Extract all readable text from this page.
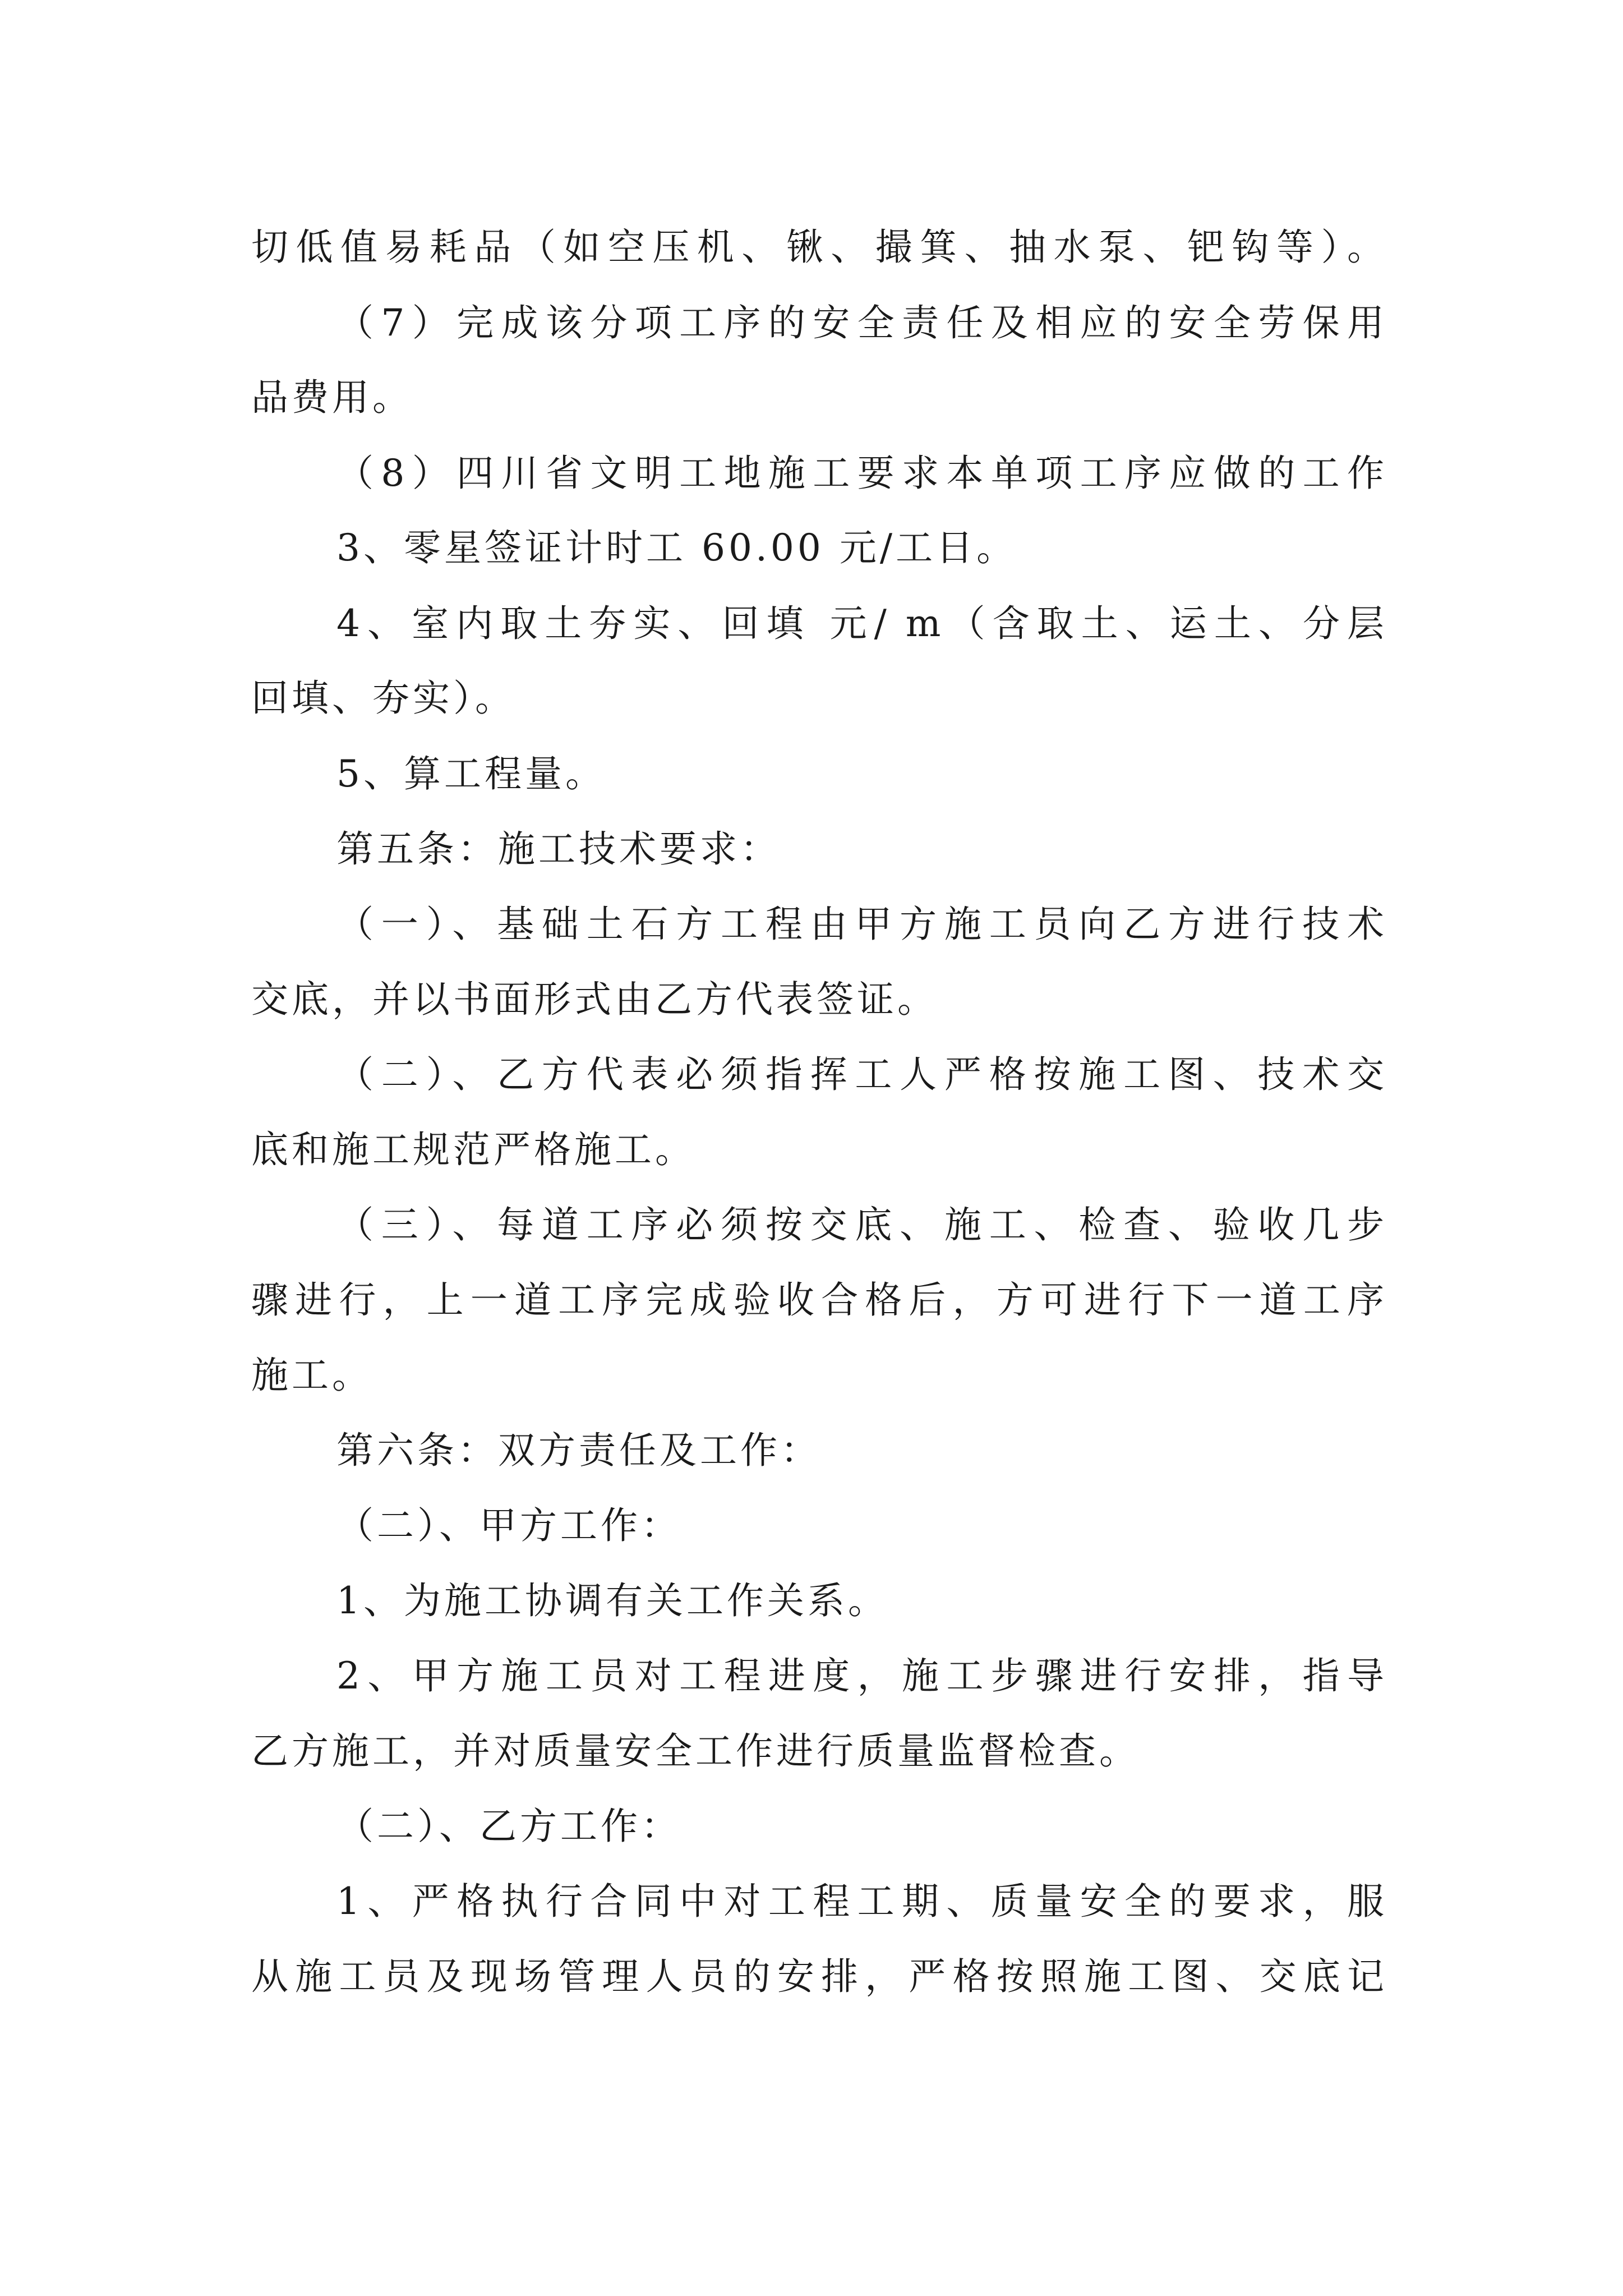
切低值易耗品（如空压机、锹、撮箕、抽水泵、钯钩等）。
（7）完成该分项工序的安全责任及相应的安全劳保用
品费用。
（8）四川省文明工地施工要求本单项工序应做的工作
3、零星签证计时工 60.00 元/工日。
4、室内取土夯实、回填 元/ m（含取土、运土、分层
回填、夯实）。
5、算工程量。
第五条：施工技术要求：
（一）、基础土石方工程由甲方施工员向乙方进行技术
交底，并以书面形式由乙方代表签证。
（二）、乙方代表必须指挥工人严格按施工图、技术交
底和施工规范严格施工。
（三）、每道工序必须按交底、施工、检查、验收几步
骤进行，上一道工序完成验收合格后，方可进行下一道工序
施工。
第六条：双方责任及工作：
（二）、甲方工作：
1、为施工协调有关工作关系。
2、甲方施工员对工程进度，施工步骤进行安排，指导
乙方施工，并对质量安全工作进行质量监督检查。
（二）、乙方工作：
1、严格执行合同中对工程工期、质量安全的要求，服
从施工员及现场管理人员的安排，严格按照施工图、交底记
